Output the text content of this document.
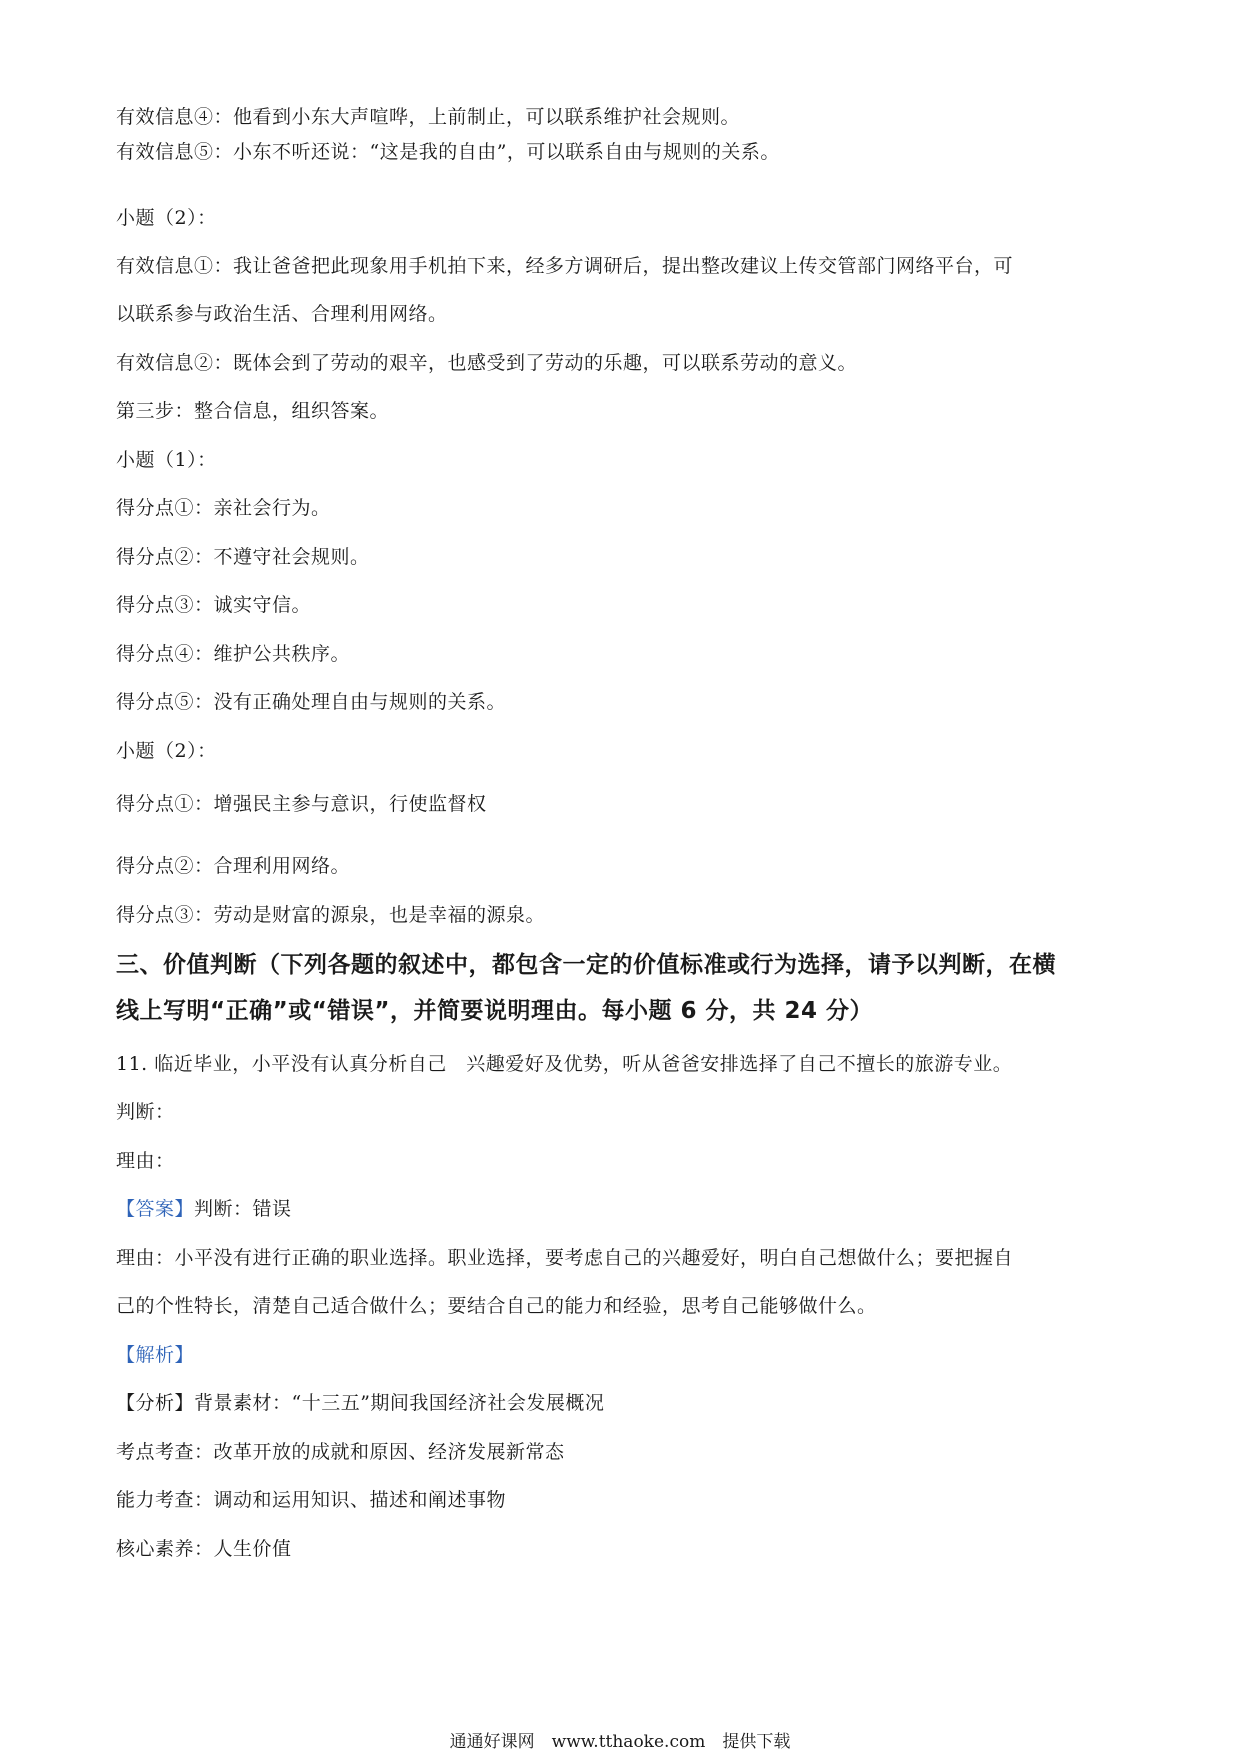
有效信息④：他看到小东大声喧哗，上前制止，可以联系维护社会规则。
有效信息⑤：小东不听还说：“这是我的自由”，可以联系自由与规则的关系。
小题（2）：
有效信息①：我让爸爸把此现象用手机拍下来，经多方调研后，提出整改建议上传交管部门网络平台，可
以联系参与政治生活、合理利用网络。
有效信息②：既体会到了劳动的艰辛，也感受到了劳动的乐趣，可以联系劳动的意义。
第三步：整合信息，组织答案。
小题（1）：
得分点①：亲社会行为。
得分点②：不遵守社会规则。
得分点③：诚实守信。
得分点④：维护公共秩序。
得分点⑤：没有正确处理自由与规则的关系。
小题（2）：
得分点①：增强民主参与意识，行使监督权
得分点②：合理利用网络。
得分点③：劳动是财富的源泉，也是幸福的源泉。
三、价值判断（下列各题的叙述中，都包含一定的价值标准或行为选择，请予以判断，在横
线上写明“正确”或“错误”，并简要说明理由。每小题 6 分，共 24 分）
11. 临近毕业，小平没有认真分析自己　兴趣爱好及优势，听从爸爸安排选择了自己不擅长的旅游专业。
判断：
理由：
【答案】判断：错误
理由：小平没有进行正确的职业选择。职业选择，要考虑自己的兴趣爱好，明白自己想做什么；要把握自
己的个性特长，清楚自己适合做什么；要结合自己的能力和经验，思考自己能够做什么。
【解析】
【分析】背景素材：“十三五”期间我国经济社会发展概况
考点考查：改革开放的成就和原因、经济发展新常态
能力考查：调动和运用知识、描述和阐述事物
核心素养：人生价值
通通好课网　www.tthaoke.com　提供下载
